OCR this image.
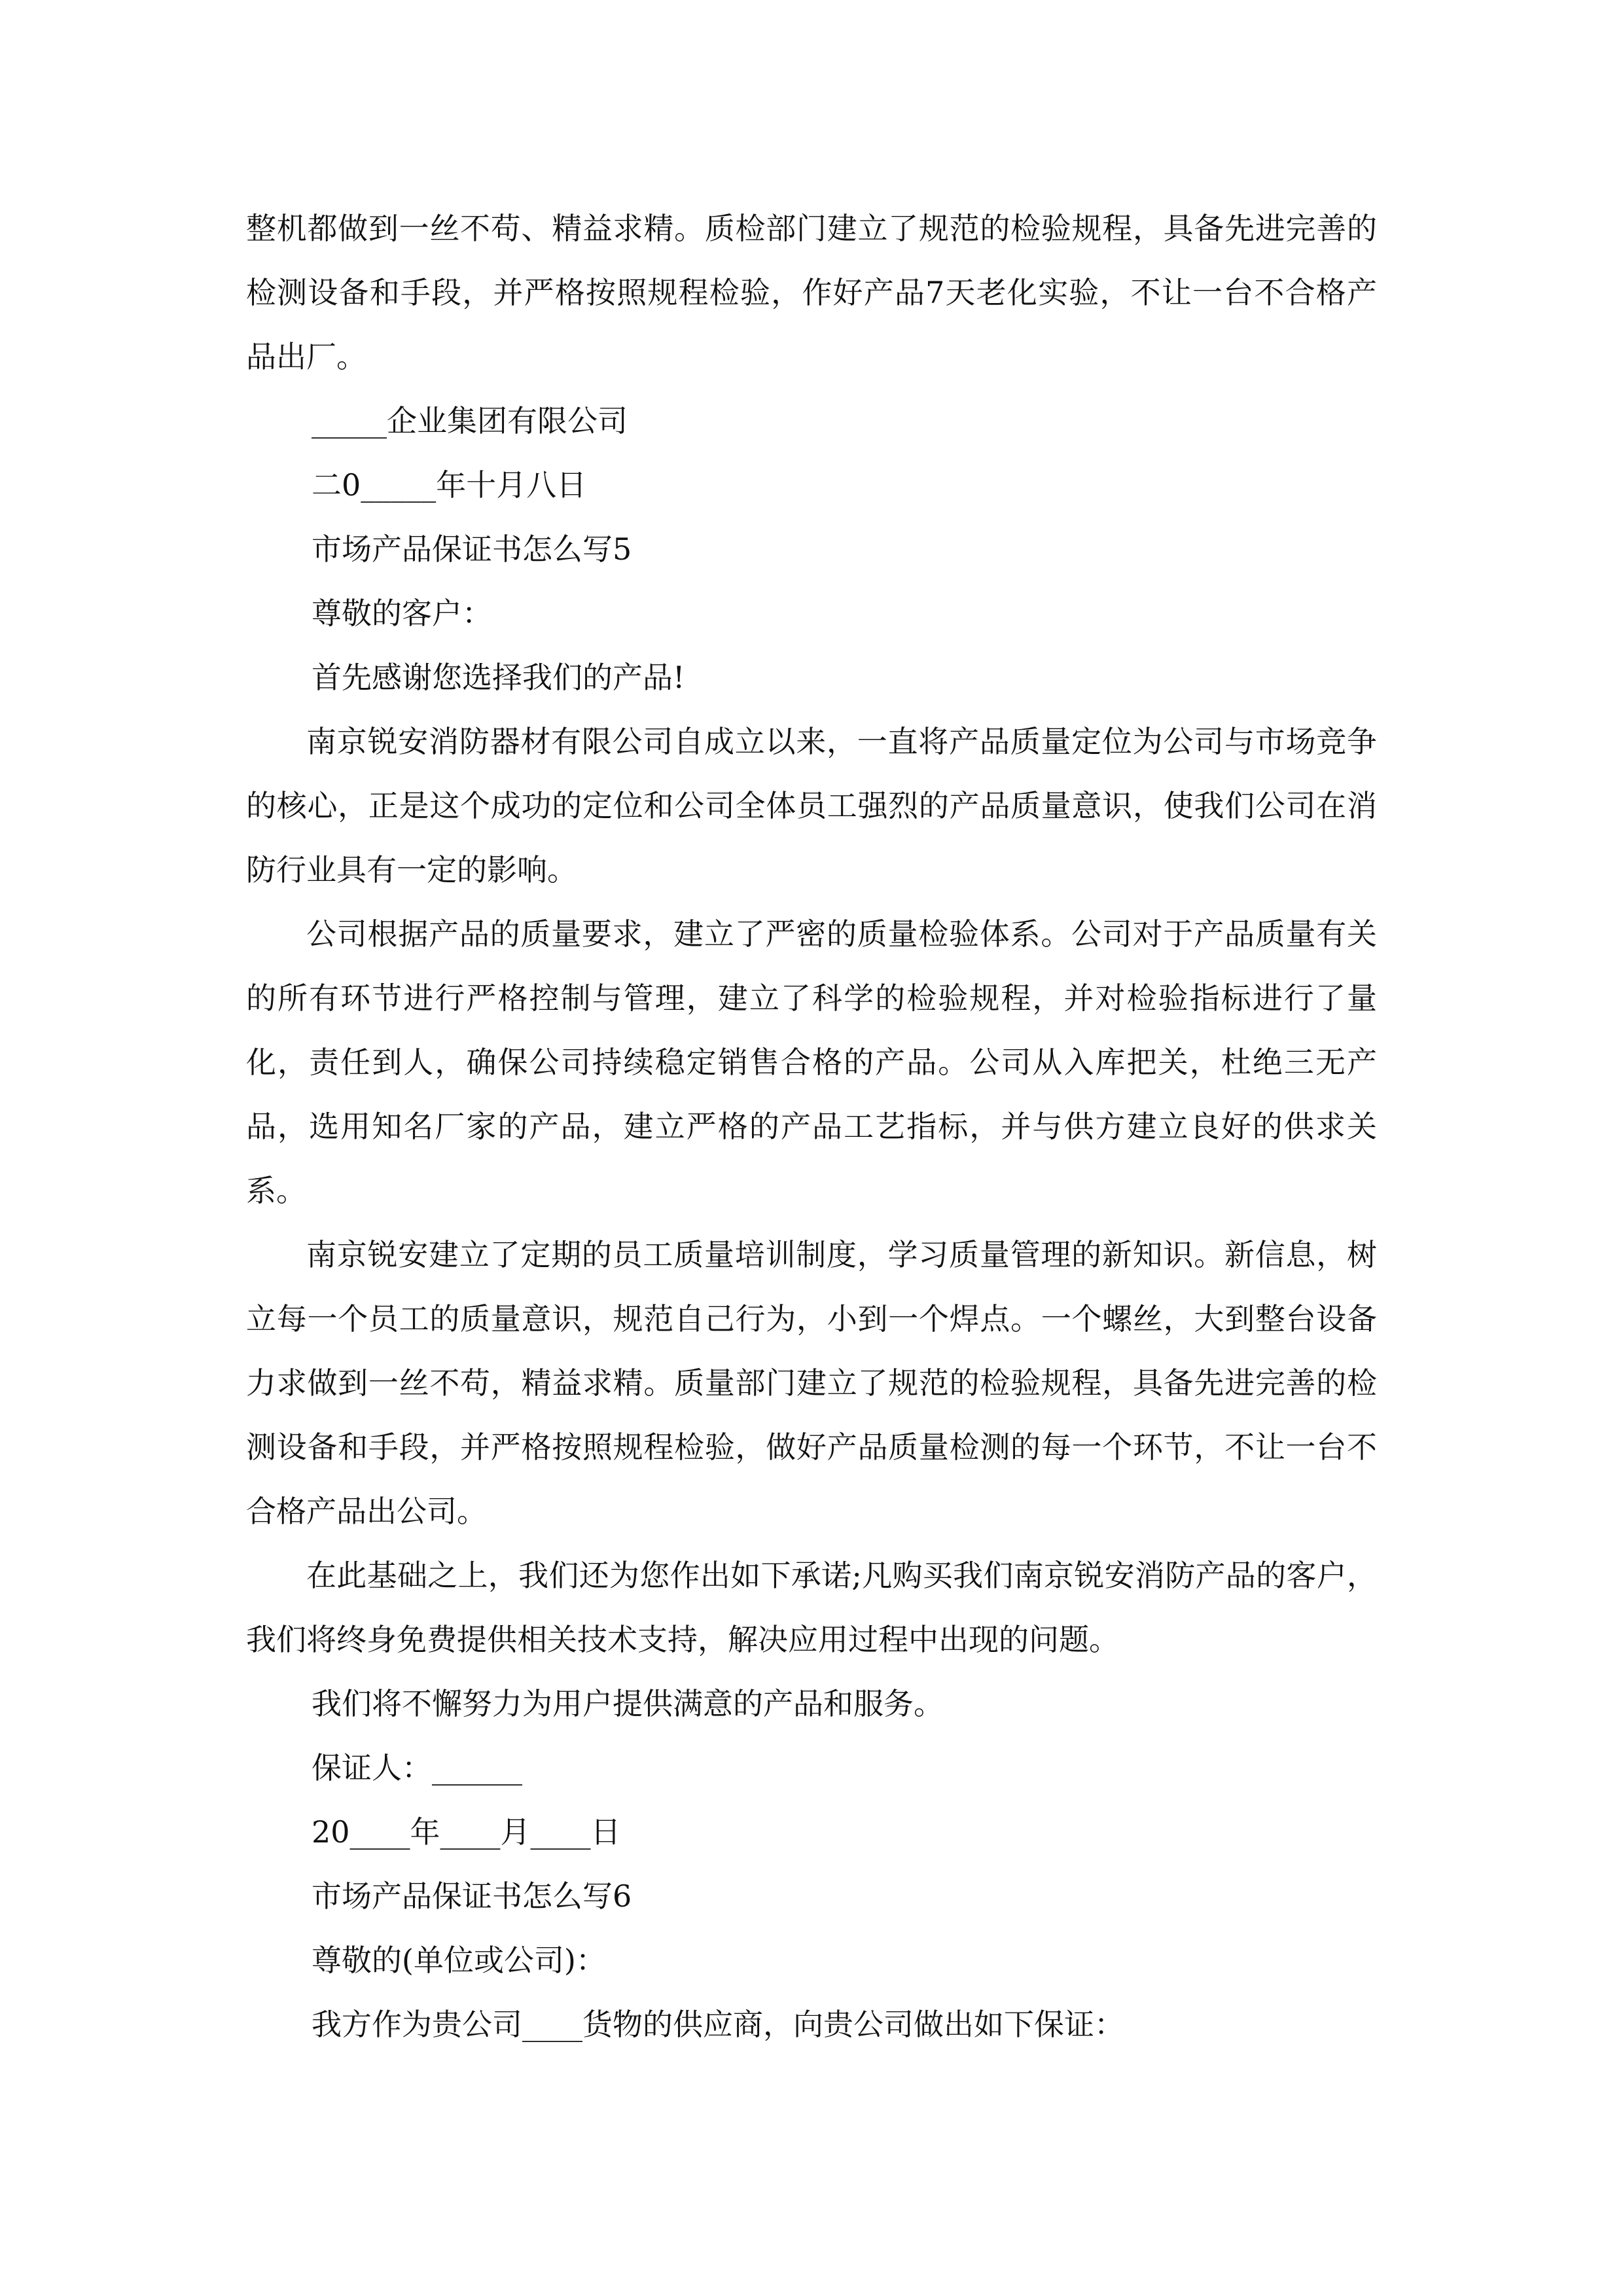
整机都做到一丝不苟、精益求精。质检部门建立了规范的检验规程，具备先进完善的检测设备和手段，并严格按照规程检验，作好产品7天老化实验，不让一台不合格产品出厂。

_____企业集团有限公司
二0_____年十月八日
市场产品保证书怎么写5
尊敬的客户：
首先感谢您选择我们的产品!

南京锐安消防器材有限公司自成立以来，一直将产品质量定位为公司与市场竞争的核心，正是这个成功的定位和公司全体员工强烈的产品质量意识，使我们公司在消防行业具有一定的影响。

公司根据产品的质量要求，建立了严密的质量检验体系。公司对于产品质量有关的所有环节进行严格控制与管理，建立了科学的检验规程，并对检验指标进行了量化，责任到人，确保公司持续稳定销售合格的产品。公司从入库把关，杜绝三无产品，选用知名厂家的产品，建立严格的产品工艺指标，并与供方建立良好的供求关系。

南京锐安建立了定期的员工质量培训制度，学习质量管理的新知识。新信息，树立每一个员工的质量意识，规范自己行为，小到一个焊点。一个螺丝，大到整台设备力求做到一丝不苟，精益求精。质量部门建立了规范的检验规程，具备先进完善的检测设备和手段，并严格按照规程检验，做好产品质量检测的每一个环节，不让一台不合格产品出公司。

在此基础之上，我们还为您作出如下承诺;凡购买我们南京锐安消防产品的客户，我们将终身免费提供相关技术支持，解决应用过程中出现的问题。

我们将不懈努力为用户提供满意的产品和服务。
保证人：______
20____年____月____日
市场产品保证书怎么写6
尊敬的(单位或公司)：
我方作为贵公司____货物的供应商，向贵公司做出如下保证：
